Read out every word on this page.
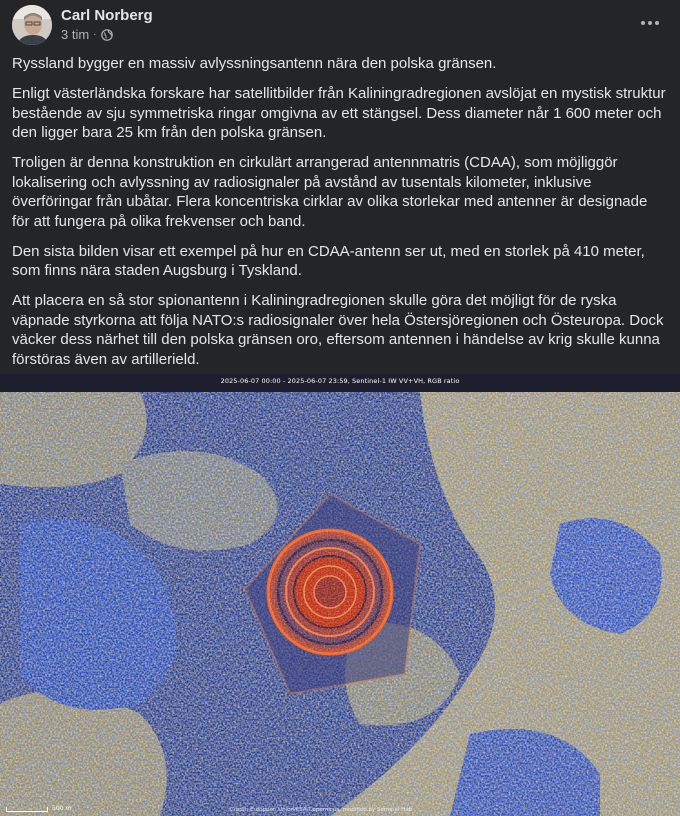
Carl Norberg
3 tim ·

Ryssland bygger en massiv avlyssningsantenn nära den polska gränsen.

Enligt västerländska forskare har satellitbilder från Kaliningradregionen avslöjat en mystisk struktur bestående av sju symmetriska ringar omgivna av ett stängsel. Dess diameter når 1 600 meter och den ligger bara 25 km från den polska gränsen.

Troligen är denna konstruktion en cirkulärt arrangerad antennmatris (CDAA), som möjliggör lokalisering och avlyssning av radiosignaler på avstånd av tusentals kilometer, inklusive överföringar från ubåtar. Flera koncentriska cirklar av olika storlekar med antenner är designade för att fungera på olika frekvenser och band.

Den sista bilden visar ett exempel på hur en CDAA-antenn ser ut, med en storlek på 410 meter, som finns nära staden Augsburg i Tyskland.

Att placera en så stor spionantenn i Kaliningradregionen skulle göra det möjligt för de ryska väpnade styrkorna att följa NATO:s radiosignaler över hela Östersjöregionen och Östeuropa. Dock väcker dess närhet till den polska gränsen oro, eftersom antennen i händelse av krig skulle kunna förstöras även av artillerield.

2025-06-07 00:00 - 2025-06-07 23:59, Sentinel-1 IW VV+VH, RGB ratio
500 m	Credit: European Union/ESA/Copernicus, modified by Sentinel Hub
